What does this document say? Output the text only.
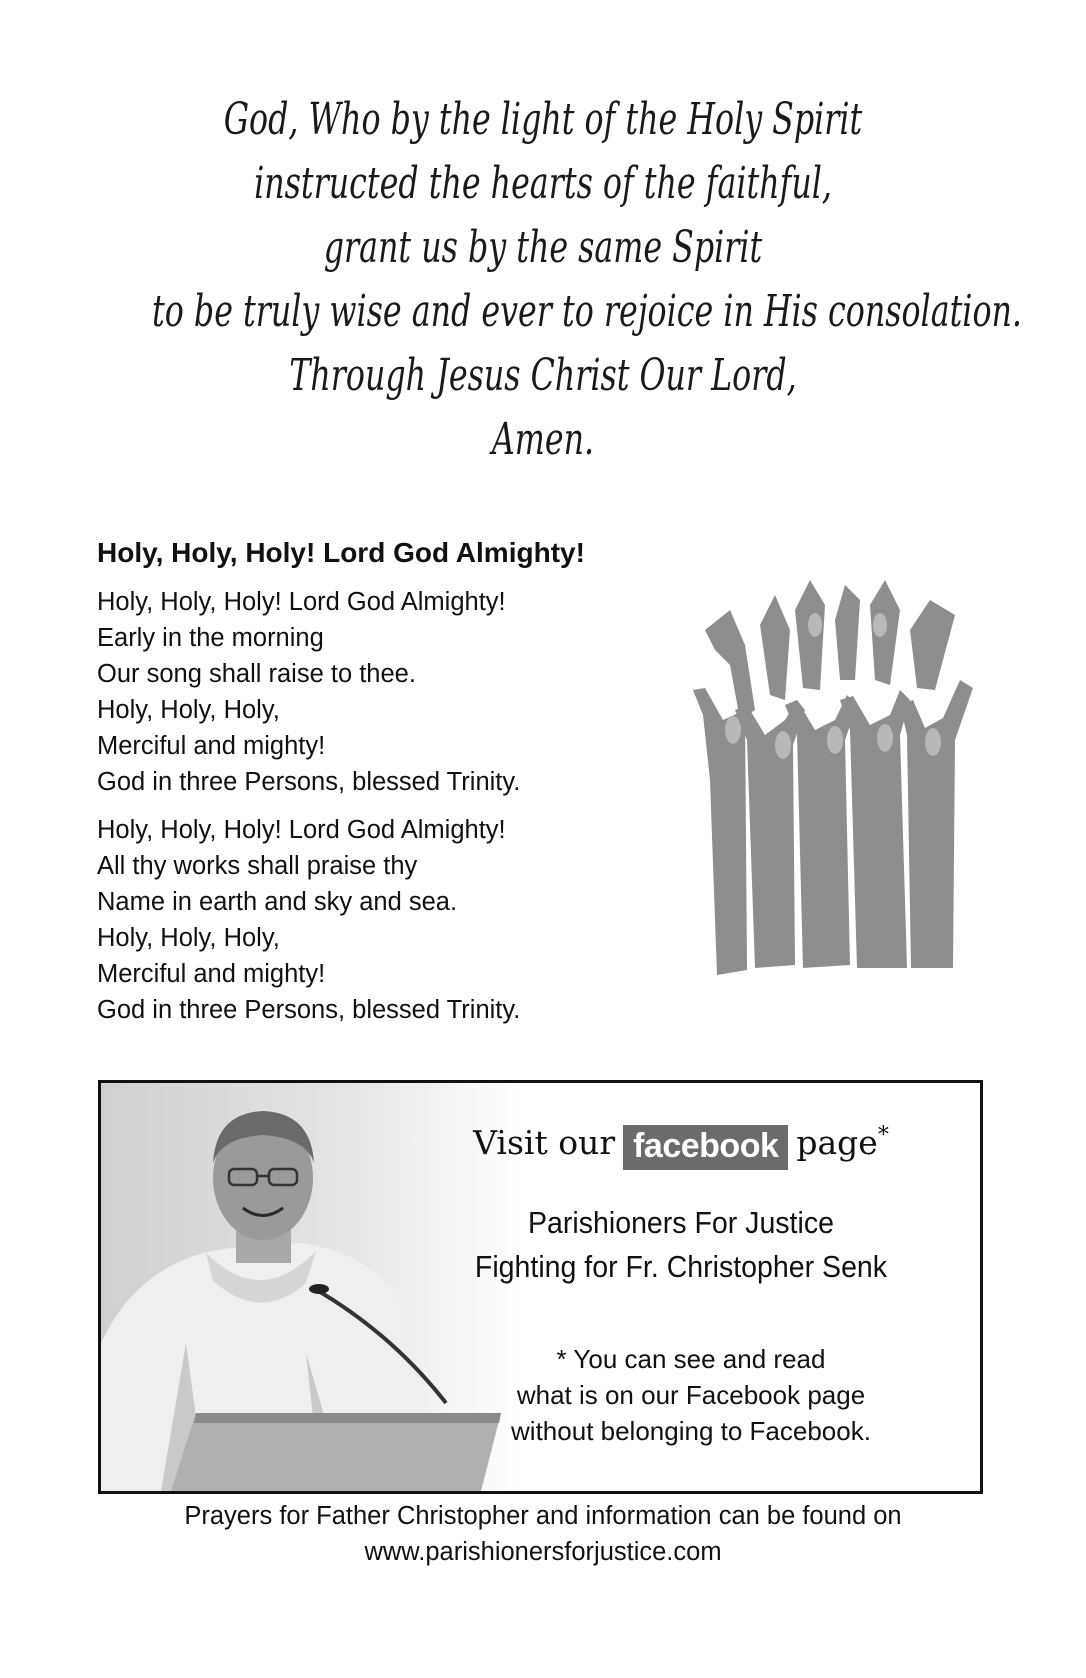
God, Who by the light of the Holy Spirit
instructed the hearts of the faithful,
grant us by the same Spirit
to be truly wise and ever to rejoice in His consolation.
Through Jesus Christ Our Lord,
Amen.
Holy, Holy, Holy! Lord God Almighty!
Holy, Holy, Holy! Lord God Almighty!
Early in the morning
Our song shall raise to thee.
Holy, Holy, Holy,
Merciful and mighty!
God in three Persons, blessed Trinity.
Holy, Holy, Holy! Lord God Almighty!
All thy works shall praise thy
Name in earth and sky and sea.
Holy, Holy, Holy,
Merciful and mighty!
God in three Persons, blessed Trinity.
Visit our facebook page*
Parishioners For Justice
Fighting for Fr. Christopher Senk
* You can see and read
what is on our Facebook page
without belonging to Facebook.
Prayers for Father Christopher and information can be found on
www.parishionersforjustice.com
